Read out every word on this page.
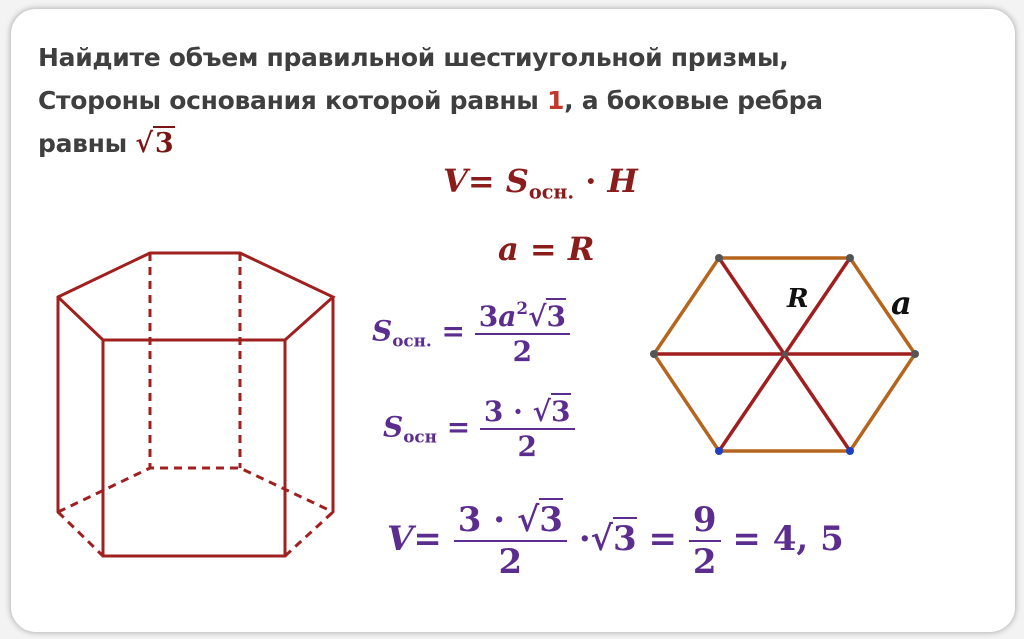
Найдите объем правильной шестиугольной призмы,
Стороны основания которой равны 1, а боковые ребра
равны √3
$V= S_{осн.} \cdot H$
a = R
$S_{осн.} = \frac{3a^2√3}{2}$
$S_{осн} = \frac{3 \cdot √3}{2}$
$V= \frac{3 \cdot √3}{2} \cdot√3 = \frac{9}{2} = 4$, 5
R	a
